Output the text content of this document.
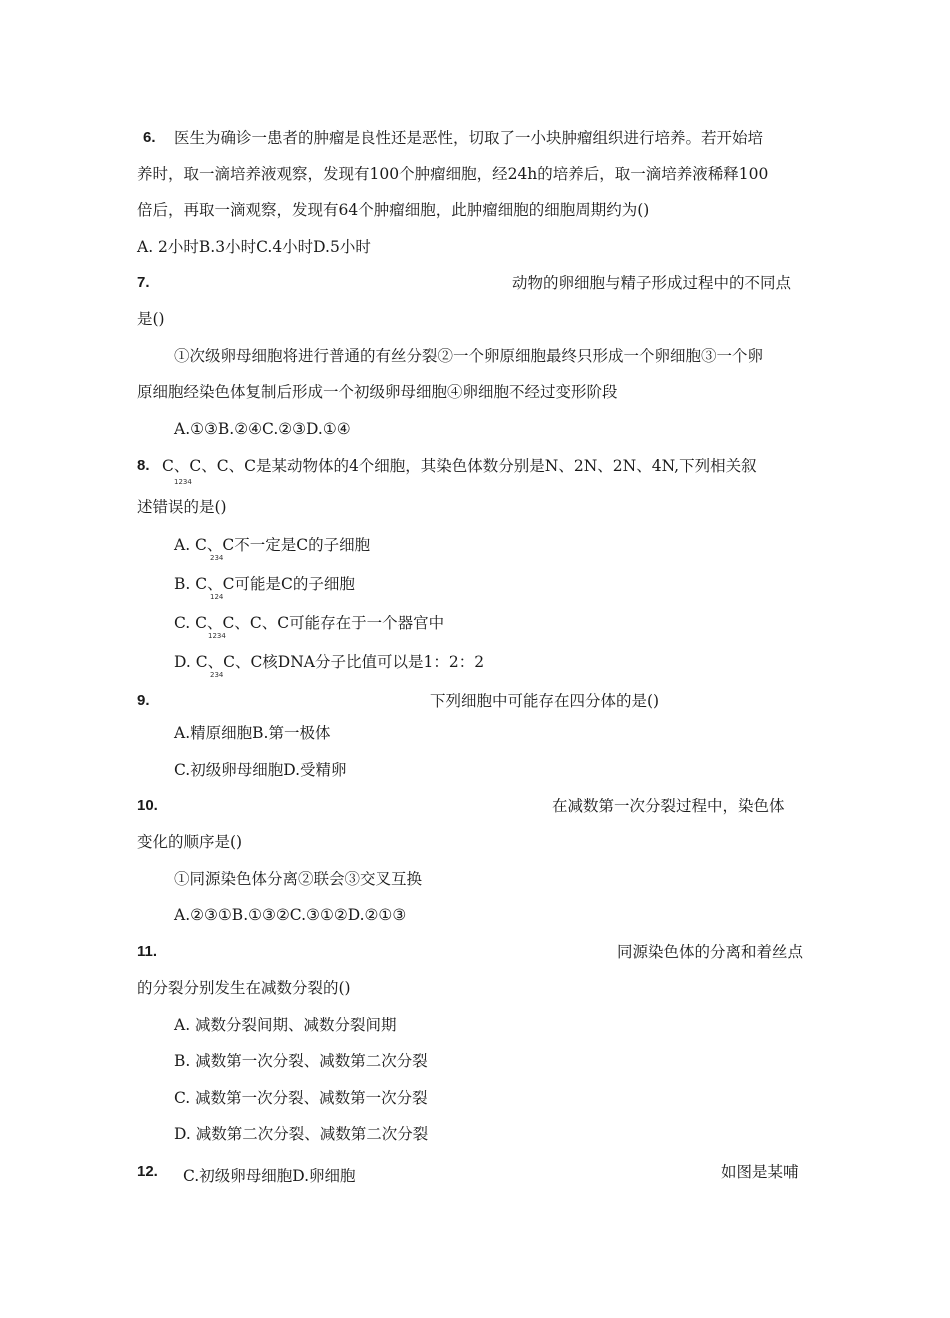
6. 医生为确诊一患者的肿瘤是良性还是恶性，切取了一小块肿瘤组织进行培养。若开始培
养时，取一滴培养液观察，发现有100个肿瘤细胞，经24h的培养后，取一滴培养液稀释100
倍后，再取一滴观察，发现有64个肿瘤细胞，此肿瘤细胞的细胞周期约为()
A. 2小时B.3小时C.4小时D.5小时
7.	动物的卵细胞与精子形成过程中的不同点
是()
①次级卵母细胞将进行普通的有丝分裂②一个卵原细胞最终只形成一个卵细胞③一个卵
原细胞经染色体复制后形成一个初级卵母细胞④卵细胞不经过变形阶段
A.①③B.②④C.②③D.①④
8. C、C、C、C是某动物体的4个细胞，其染色体数分别是N、2N、2N、4N,下列相关叙
1234
述错误的是()
A. C、C不一定是C的子细胞
234
B. C、C可能是C的子细胞
124
C. C、C、C、C可能存在于一个器官中
1234
D. C、C、C核DNA分子比值可以是1：2：2
234
9.	下列细胞中可能存在四分体的是()
A.精原细胞B.第一极体
C.初级卵母细胞D.受精卵
10.	在减数第一次分裂过程中，染色体
变化的顺序是()
①同源染色体分离②联会③交叉互换
A.②③①B.①③②C.③①②D.②①③
11.	同源染色体的分离和着丝点
的分裂分别发生在减数分裂的()
A. 减数分裂间期、减数分裂间期
B. 减数第一次分裂、减数第二次分裂
C. 减数第一次分裂、减数第一次分裂
D. 减数第二次分裂、减数第二次分裂
12. C.初级卵母细胞D.卵细胞	如图是某哺
